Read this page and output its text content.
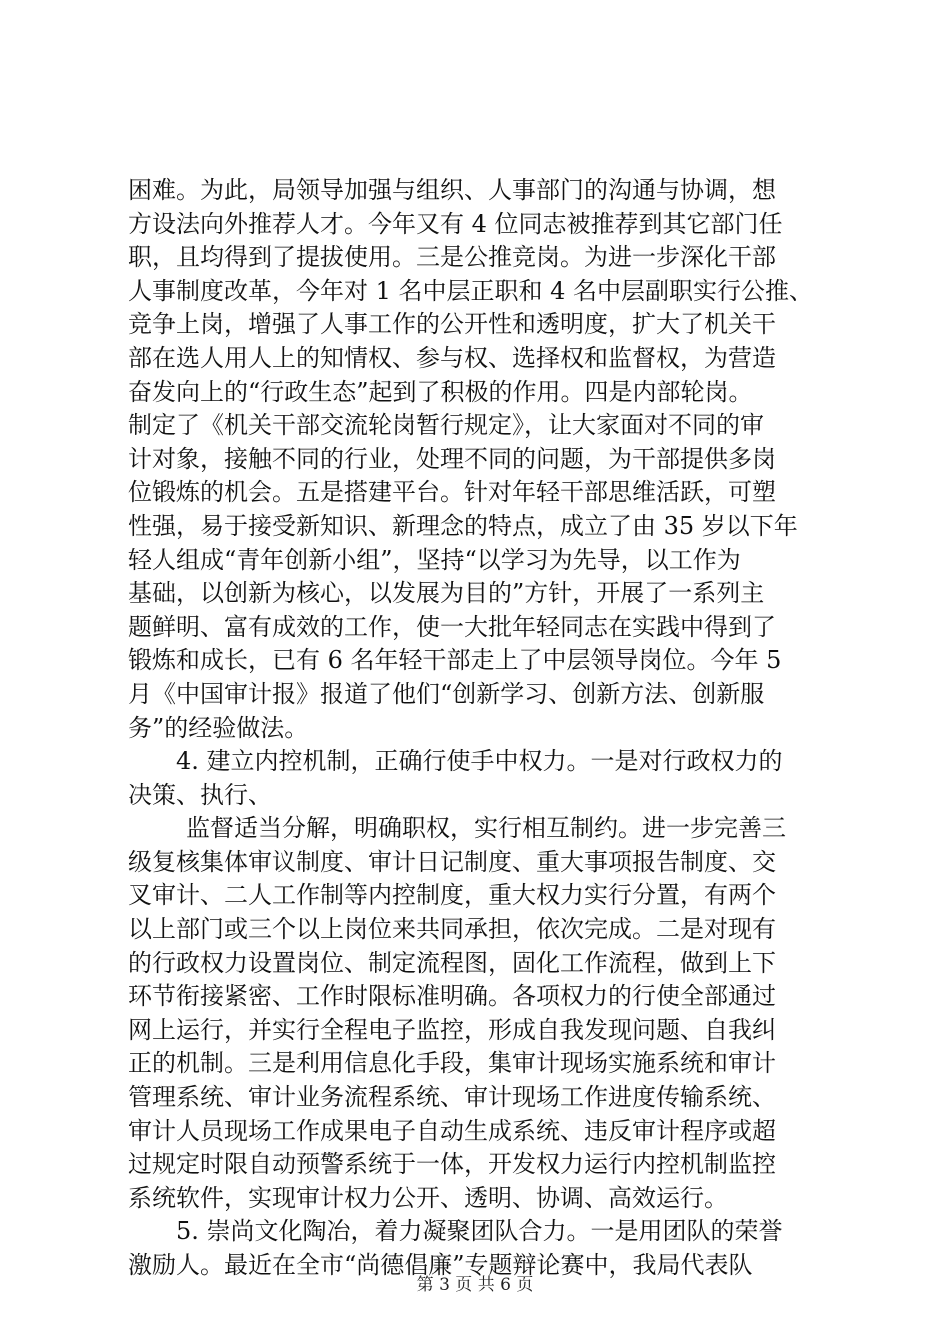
困难。为此，局领导加强与组织、人事部门的沟通与协调，想
方设法向外推荐人才。今年又有 4 位同志被推荐到其它部门任
职，且均得到了提拔使用。三是公推竞岗。为进一步深化干部
人事制度改革，今年对 1 名中层正职和 4 名中层副职实行公推、
竞争上岗，增强了人事工作的公开性和透明度，扩大了机关干
部在选人用人上的知情权、参与权、选择权和监督权，为营造
奋发向上的“行政生态”起到了积极的作用。四是内部轮岗。
制定了《机关干部交流轮岗暂行规定》，让大家面对不同的审
计对象，接触不同的行业，处理不同的问题，为干部提供多岗
位锻炼的机会。五是搭建平台。针对年轻干部思维活跃，可塑
性强，易于接受新知识、新理念的特点，成立了由 35 岁以下年
轻人组成“青年创新小组”，坚持“以学习为先导，以工作为
基础，以创新为核心，以发展为目的”方针，开展了一系列主
题鲜明、富有成效的工作，使一大批年轻同志在实践中得到了
锻炼和成长，已有 6 名年轻干部走上了中层领导岗位。今年 5
月《中国审计报》报道了他们“创新学习、创新方法、创新服
务”的经验做法。
4. 建立内控机制，正确行使手中权力。一是对行政权力的
决策、执行、
监督适当分解，明确职权，实行相互制约。进一步完善三
级复核集体审议制度、审计日记制度、重大事项报告制度、交
叉审计、二人工作制等内控制度，重大权力实行分置，有两个
以上部门或三个以上岗位来共同承担，依次完成。二是对现有
的行政权力设置岗位、制定流程图，固化工作流程，做到上下
环节衔接紧密、工作时限标准明确。各项权力的行使全部通过
网上运行，并实行全程电子监控，形成自我发现问题、自我纠
正的机制。三是利用信息化手段，集审计现场实施系统和审计
管理系统、审计业务流程系统、审计现场工作进度传输系统、
审计人员现场工作成果电子自动生成系统、违反审计程序或超
过规定时限自动预警系统于一体，开发权力运行内控机制监控
系统软件，实现审计权力公开、透明、协调、高效运行。
5. 崇尚文化陶冶，着力凝聚团队合力。一是用团队的荣誉
激励人。最近在全市“尚德倡廉”专题辩论赛中，我局代表队
第 3 页 共 6 页
